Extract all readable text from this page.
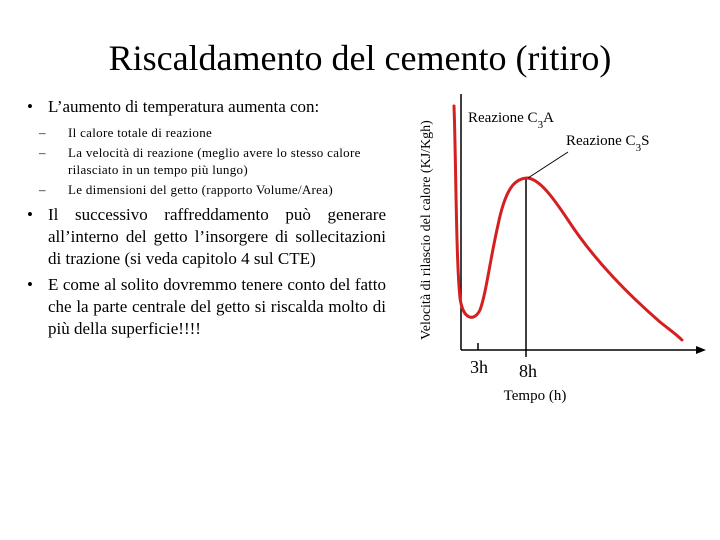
Riscaldamento del cemento (ritiro)
• L’aumento di temperatura aumenta con:
– Il calore totale di reazione
– La velocità di reazione (meglio avere lo stesso calore rilasciato in un tempo più lungo)
– Le dimensioni del getto (rapporto Volume/Area)
• Il successivo raffreddamento può generare all’interno del getto l’insorgere di sollecitazioni di trazione (si veda capitolo 4 sul CTE)
• E come al solito dovremmo tenere conto del fatto che la parte centrale del getto si riscalda molto di più della superficie!!!!	Velocità di rilascio del calore (KJ/Kgh)
Reazione $C_3A$
Reazione $C_3S$
3h 8h
Tempo (h)
